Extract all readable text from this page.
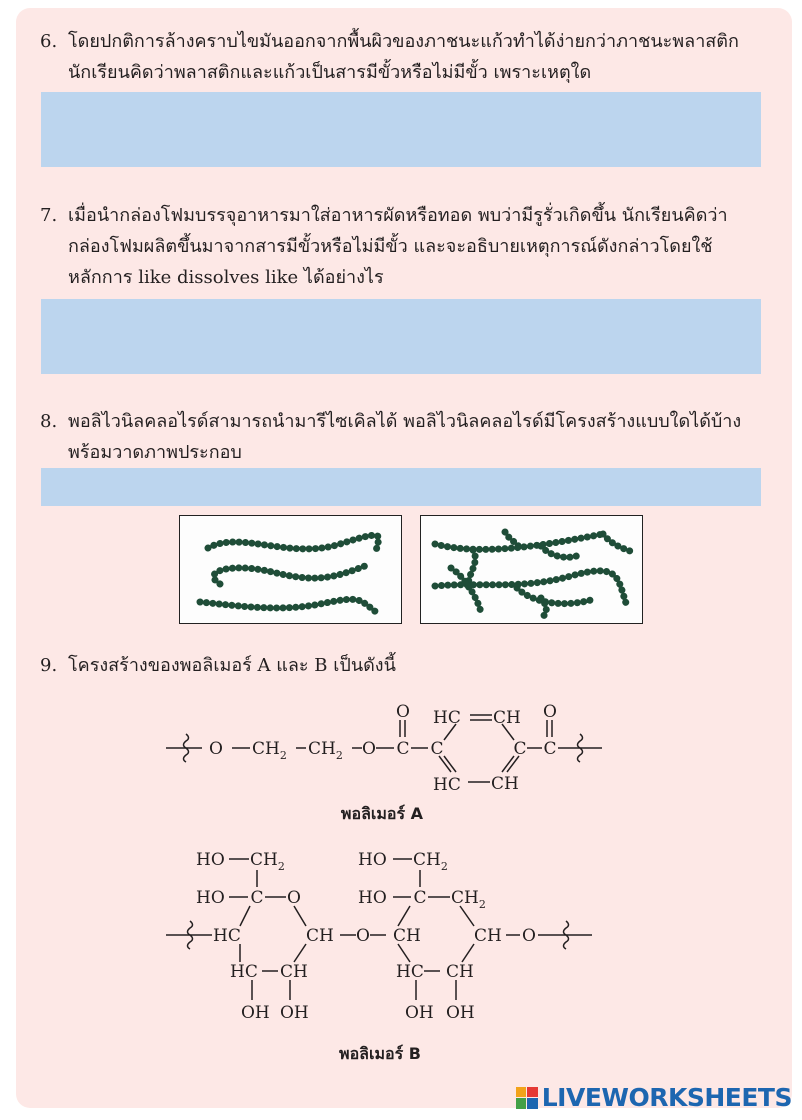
6. โดยปกติการล้างคราบไขมันออกจากพื้นผิวของภาชนะแก้วทำได้ง่ายกว่าภาชนะพลาสติก
นักเรียนคิดว่าพลาสติกและแก้วเป็นสารมีขั้วหรือไม่มีขั้ว เพราะเหตุใด
7. เมื่อนำกล่องโฟมบรรจุอาหารมาใส่อาหารผัดหรือทอด พบว่ามีรูรั่วเกิดขึ้น นักเรียนคิดว่า
กล่องโฟมผลิตขึ้นมาจากสารมีขั้วหรือไม่มีขั้ว และจะอธิบายเหตุการณ์ดังกล่าวโดยใช้
หลักการ like dissolves like ได้อย่างไร
8. พอลิไวนิลคลอไรด์สามารถนำมารีไซเคิลได้ พอลิไวนิลคลอไรด์มีโครงสร้างแบบใดได้บ้าง
พร้อมวาดภาพประกอบ
9. โครงสร้างของพอลิเมอร์ A และ B เป็นดังนี้
O $CH_2$ $CH_2$ O
O
C C
HC CH
HC CH
C
O
C
พอลิเมอร์ A
HO $CH_2$
HO C O
HC	CH O
HC CH
OH OH
HO $CH_2$
HO C $CH_2$
CH	CH O
HC CH
OH OH
พอลิเมอร์ B
LIVEWORKSHEETS
